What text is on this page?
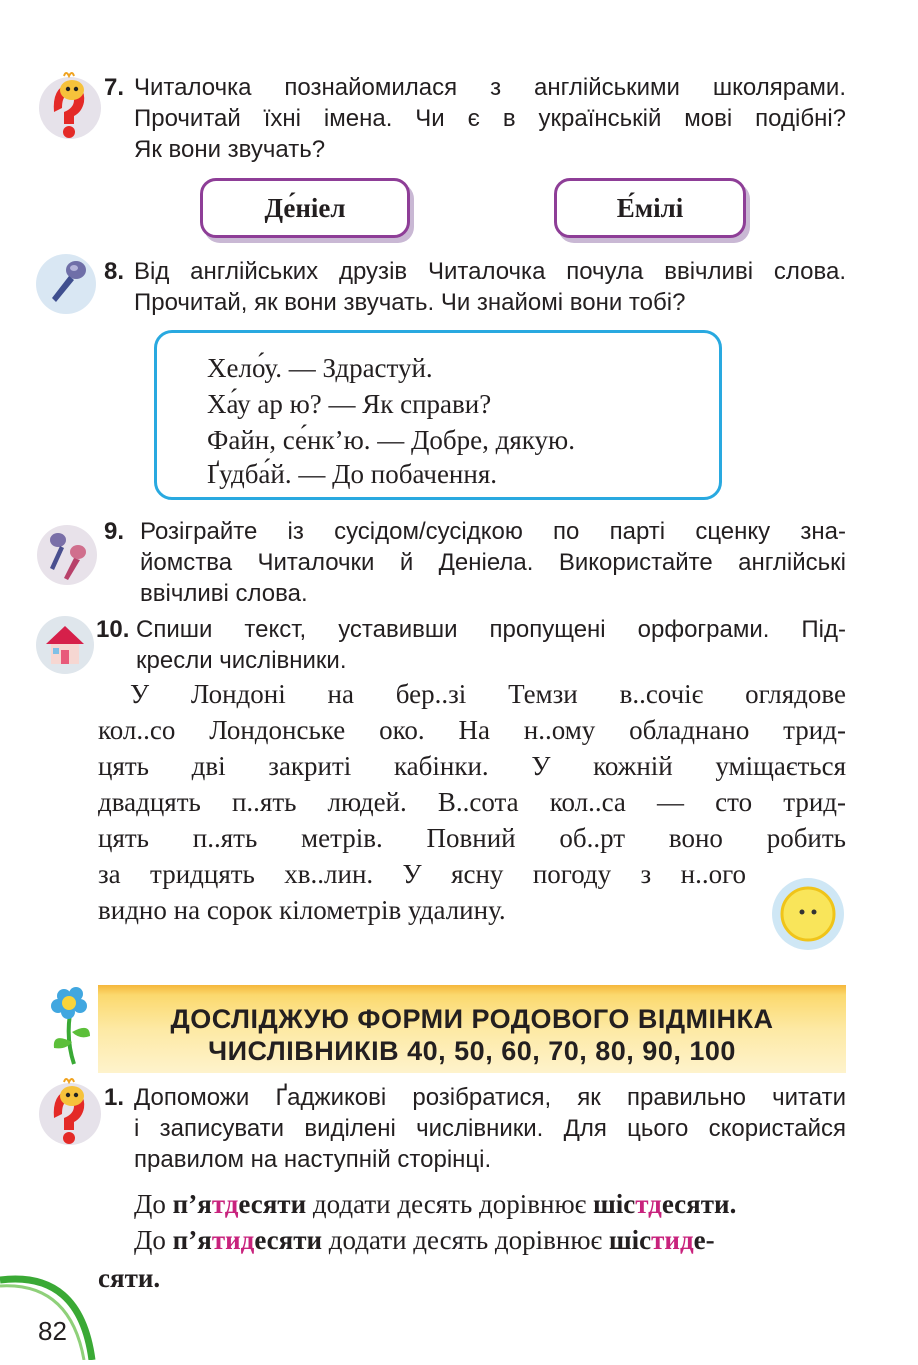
7. Читалочка познайомилася з англійськими школярами.
Прочитай їхні імена. Чи є в українській мові подібні?
Як вони звучать?
Де́ніел	Е́мілі
8. Від англійських друзів Читалочка почула ввічливі слова.
Прочитай, як вони звучать. Чи знайомі вони тобі?
Хело́у. — Здрастуй.
Ха́у ар ю? — Як справи?
Файн, се́нк’ю. — Добре, дякую.
Ґудба́й. — До побачення.
9. Розіграйте із сусідом/сусідкою по парті сценку зна-
йомства Читалочки й Деніела. Використайте англійські
ввічливі слова.
10. Спиши текст, уставивши пропущені орфограми. Під-
кресли числівники.
У Лондоні на бер..зі Темзи в..сочіє оглядове
кол..со Лондонське око. На н..ому обладнано трид-
цять дві закриті кабінки. У кожній уміщається
двадцять п..ять людей. В..сота кол..са — сто трид-
цять п..ять метрів. Повний об..рт воно робить
за тридцять хв..лин. У ясну погоду з н..ого
видно на сорок кілометрів удалину.
ДОСЛІДЖУЮ ФОРМИ РОДОВОГО ВІДМІНКА
ЧИСЛІВНИКІВ 40, 50, 60, 70, 80, 90, 100
1. Допоможи Ґаджикові розібратися, як правильно читати
і записувати виділені числівники. Для цього скористайся
правилом на наступній сторінці.
До п’ятдесяти додати десять дорівнює шістдесяти.
До п’ятидесяти додати десять дорівнює шістиде-
сяти.
82
